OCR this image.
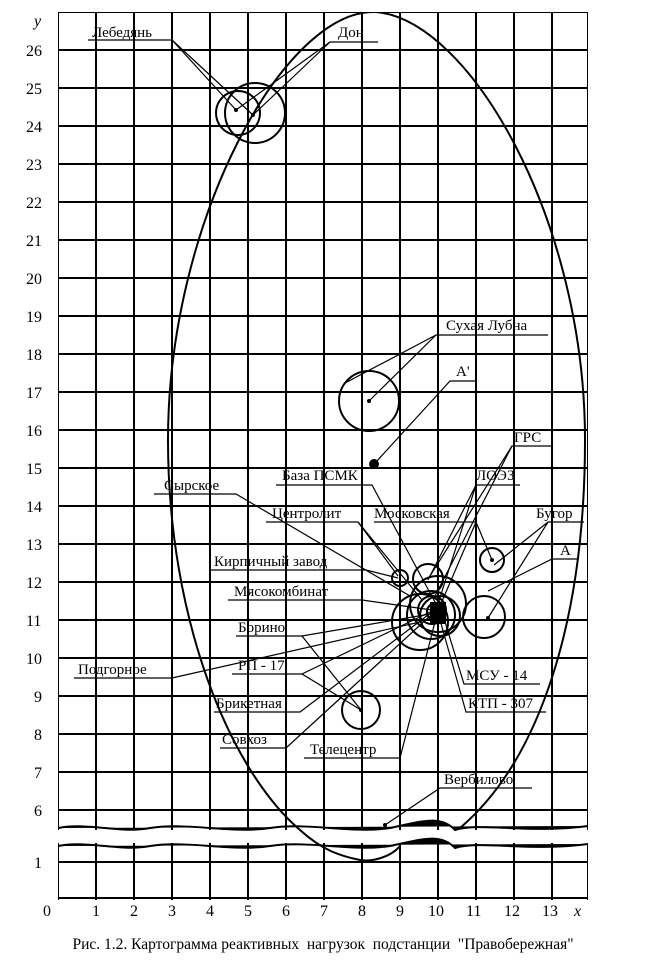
Лебедянь	Дон
Сухая Лубна
А'
ГРС
База ПСМК	ЛОЭЗ
Сырское
Центролит Московская	Бугор
А
Кирпичный завод
Мясокомбинат
Борино
РП - 17
Подгорное
Брикетная
Совхоз
Телецентр
МСУ - 14
КТП - 307
Вербилово
6
7
8
9
10
11
12
13
14
15
16
17
18
19
20
21
22
23
24
25
26
1
y
0	1 2 3 4 5 6 7 8 9 10 11 12 13 x
Рис. 1.2. Картограмма реактивных  нагрузок  подстанции  "Правобережная"
